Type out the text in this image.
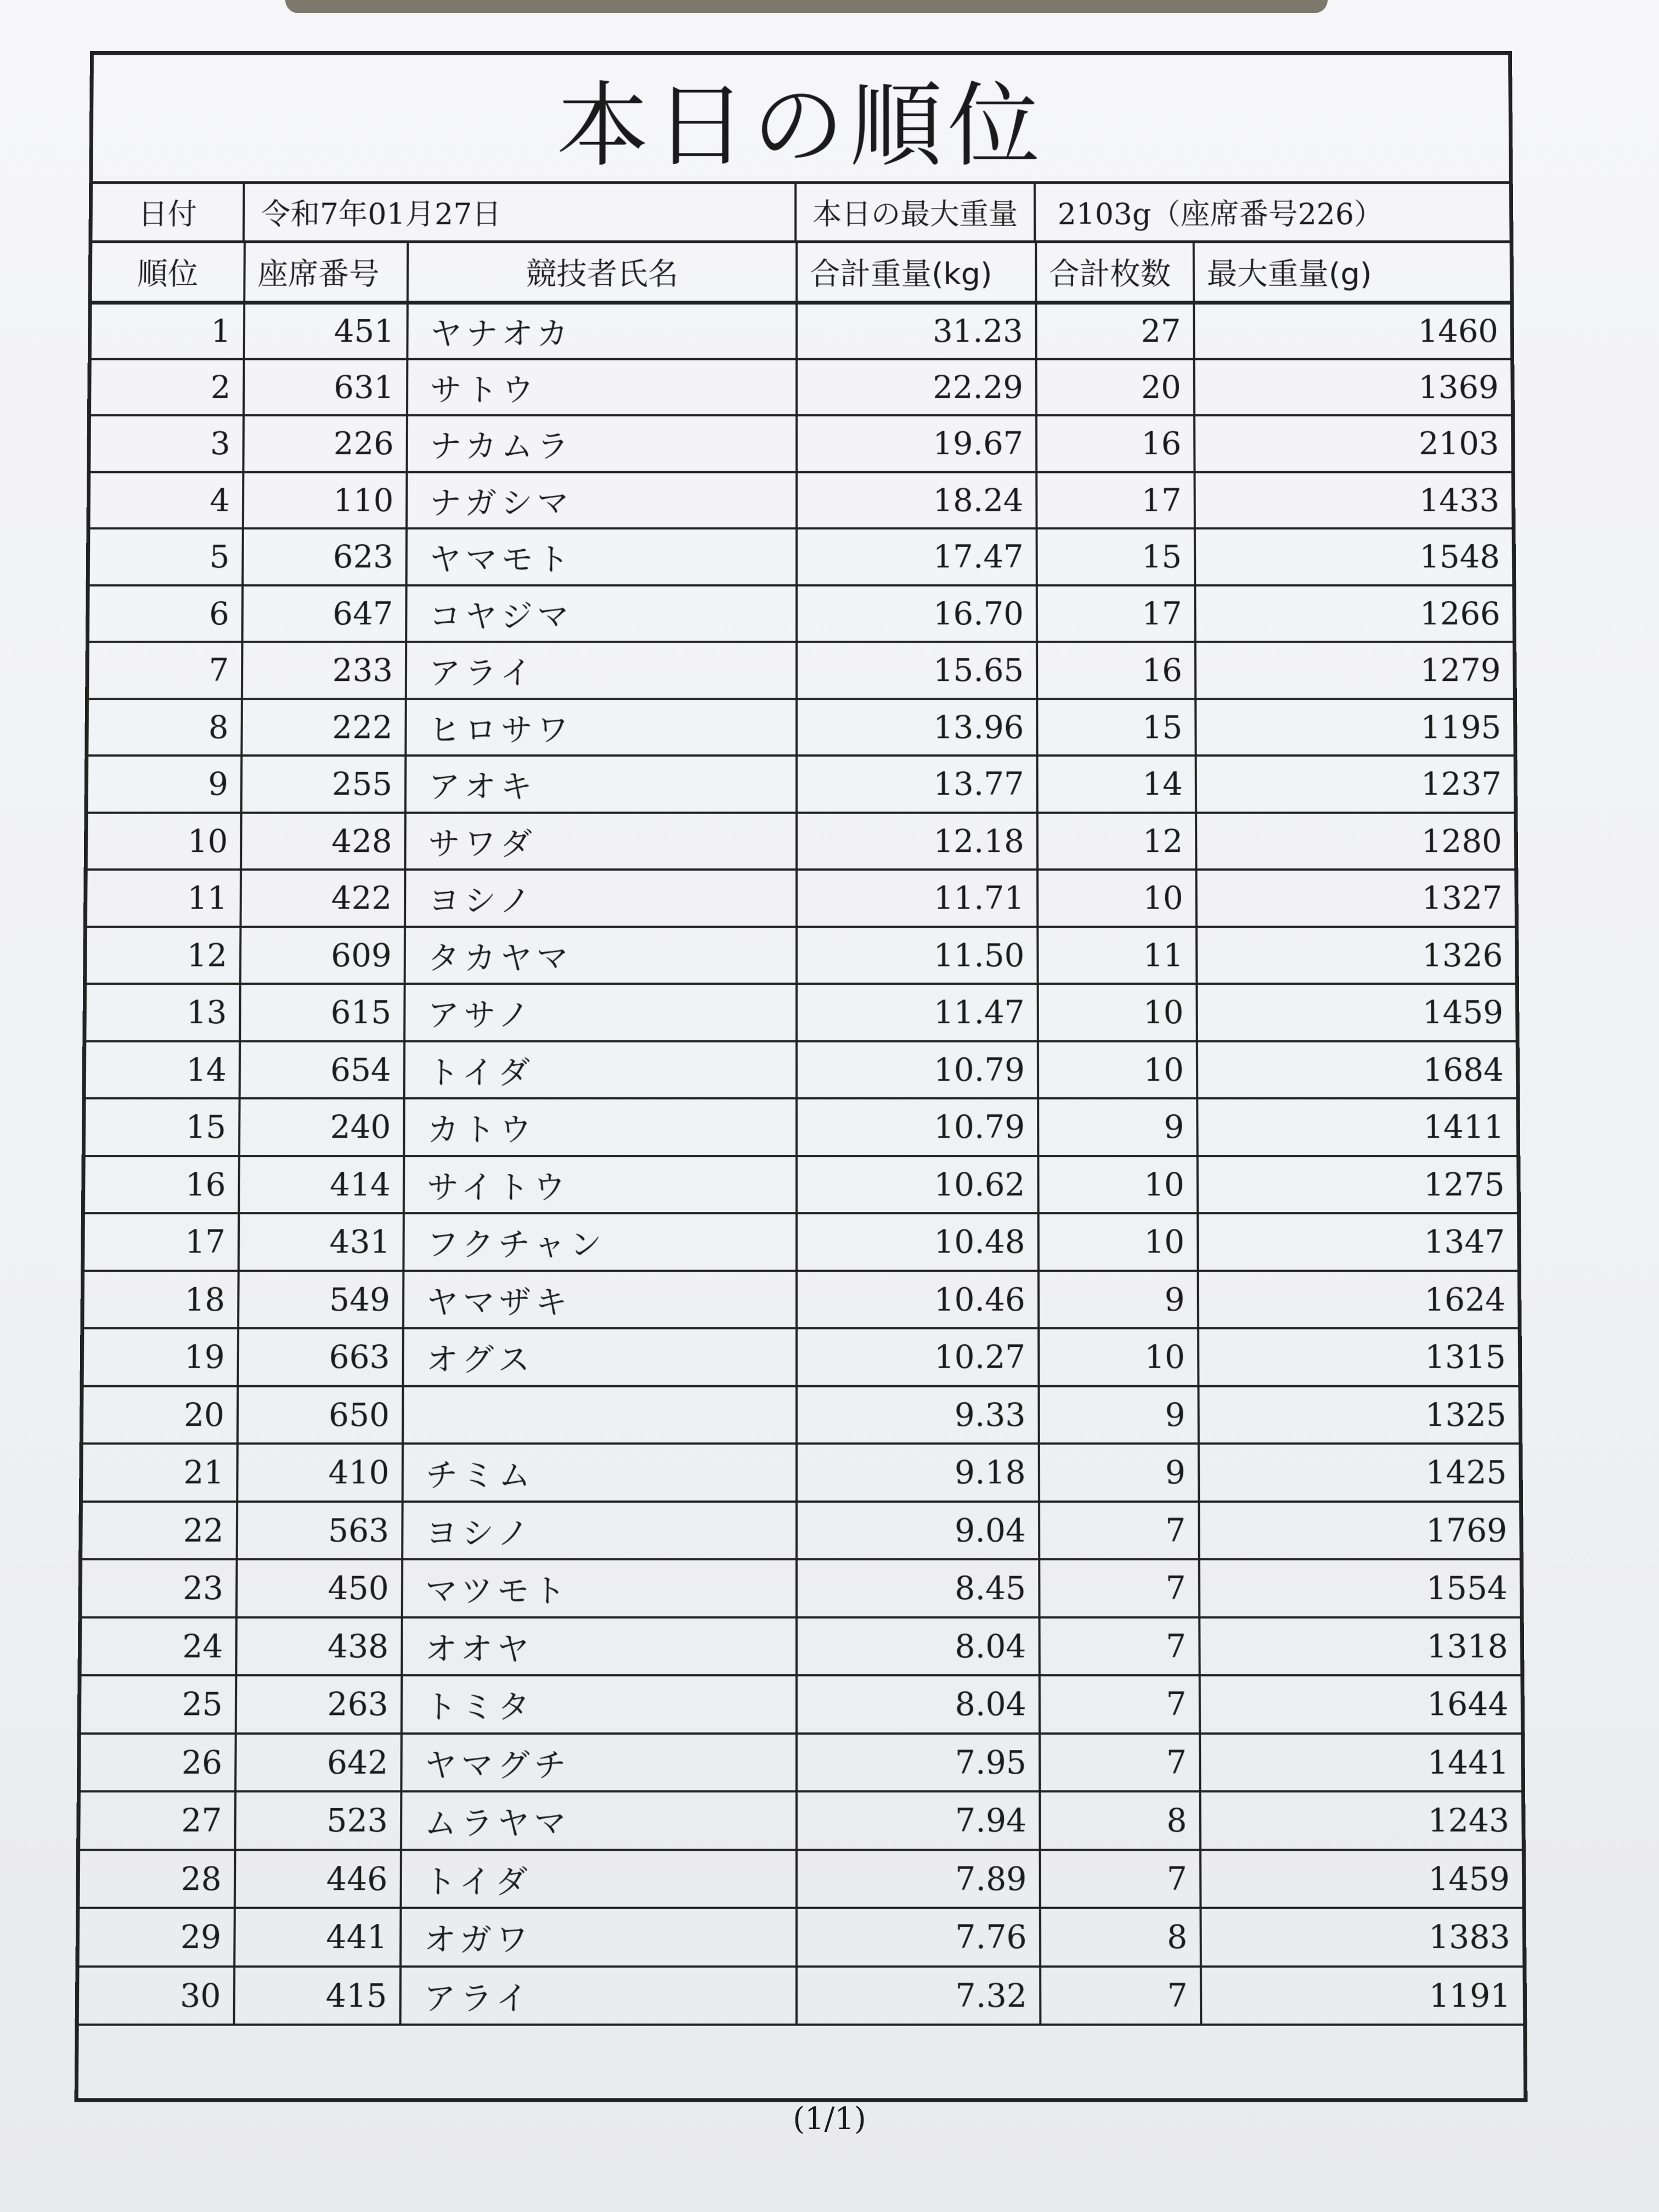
本日の順位
日付	令和7年01月27日	本日の最大重量	2103g（座席番号226）
順位	座席番号	競技者氏名	合計重量(kg)	合計枚数	最大重量(g)
1	451	ヤナオカ	31.23	27	1460
2	631	サトウ	22.29	20	1369
3	226	ナカムラ	19.67	16	2103
4	110	ナガシマ	18.24	17	1433
5	623	ヤマモト	17.47	15	1548
6	647	コヤジマ	16.70	17	1266
7	233	アライ	15.65	16	1279
8	222	ヒロサワ	13.96	15	1195
9	255	アオキ	13.77	14	1237
10	428	サワダ	12.18	12	1280
11	422	ヨシノ	11.71	10	1327
12	609	タカヤマ	11.50	11	1326
13	615	アサノ	11.47	10	1459
14	654	トイダ	10.79	10	1684
15	240	カトウ	10.79	9	1411
16	414	サイトウ	10.62	10	1275
17	431	フクチャン	10.48	10	1347
18	549	ヤマザキ	10.46	9	1624
19	663	オグス	10.27	10	1315
20	650		9.33	9	1325
21	410	チミム	9.18	9	1425
22	563	ヨシノ	9.04	7	1769
23	450	マツモト	8.45	7	1554
24	438	オオヤ	8.04	7	1318
25	263	トミタ	8.04	7	1644
26	642	ヤマグチ	7.95	7	1441
27	523	ムラヤマ	7.94	8	1243
28	446	トイダ	7.89	7	1459
29	441	オガワ	7.76	8	1383
30	415	アライ	7.32	7	1191
(1/1)
